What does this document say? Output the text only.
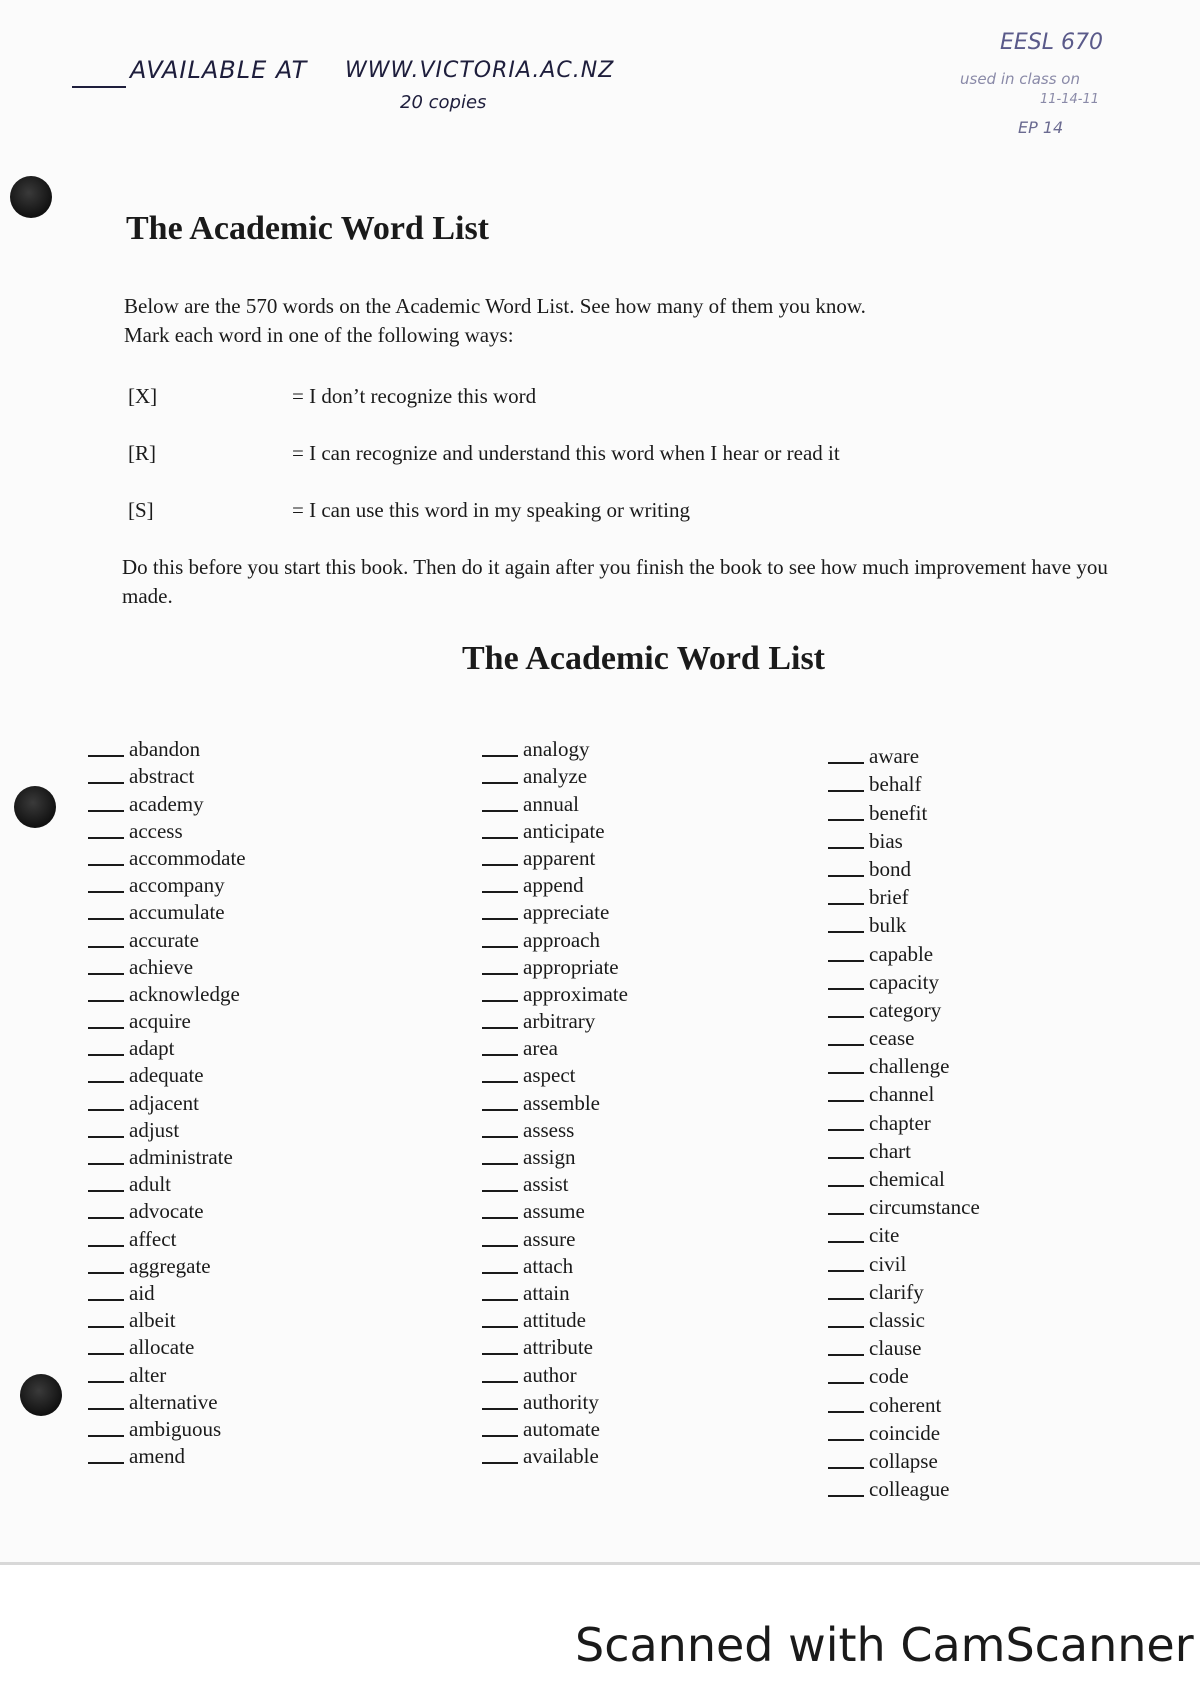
AVAILABLE AT WWW.VICTORIA.AC.NZ
20 copies
EESL 670
used in class on
11-14-11
EP 14
The Academic Word List
Below are the 570 words on the Academic Word List. See how many of them you know.
Mark each word in one of the following ways:
[X]	= I don’t recognize this word
[R]	= I can recognize and understand this word when I hear or read it
[S]	= I can use this word in my speaking or writing
Do this before you start this book. Then do it again after you finish the book to see how much improvement have you made.
The Academic Word List
abandon
abstract
academy
access
accommodate
accompany
accumulate
accurate
achieve
acknowledge
acquire
adapt
adequate
adjacent
adjust
administrate
adult
advocate
affect
aggregate
aid
albeit
allocate
alter
alternative
ambiguous
amend
analogy
analyze
annual
anticipate
apparent
append
appreciate
approach
appropriate
approximate
arbitrary
area
aspect
assemble
assess
assign
assist
assume
assure
attach
attain
attitude
attribute
author
authority
automate
available
aware
behalf
benefit
bias
bond
brief
bulk
capable
capacity
category
cease
challenge
channel
chapter
chart
chemical
circumstance
cite
civil
clarify
classic
clause
code
coherent
coincide
collapse
colleague
Scanned with CamScanner
